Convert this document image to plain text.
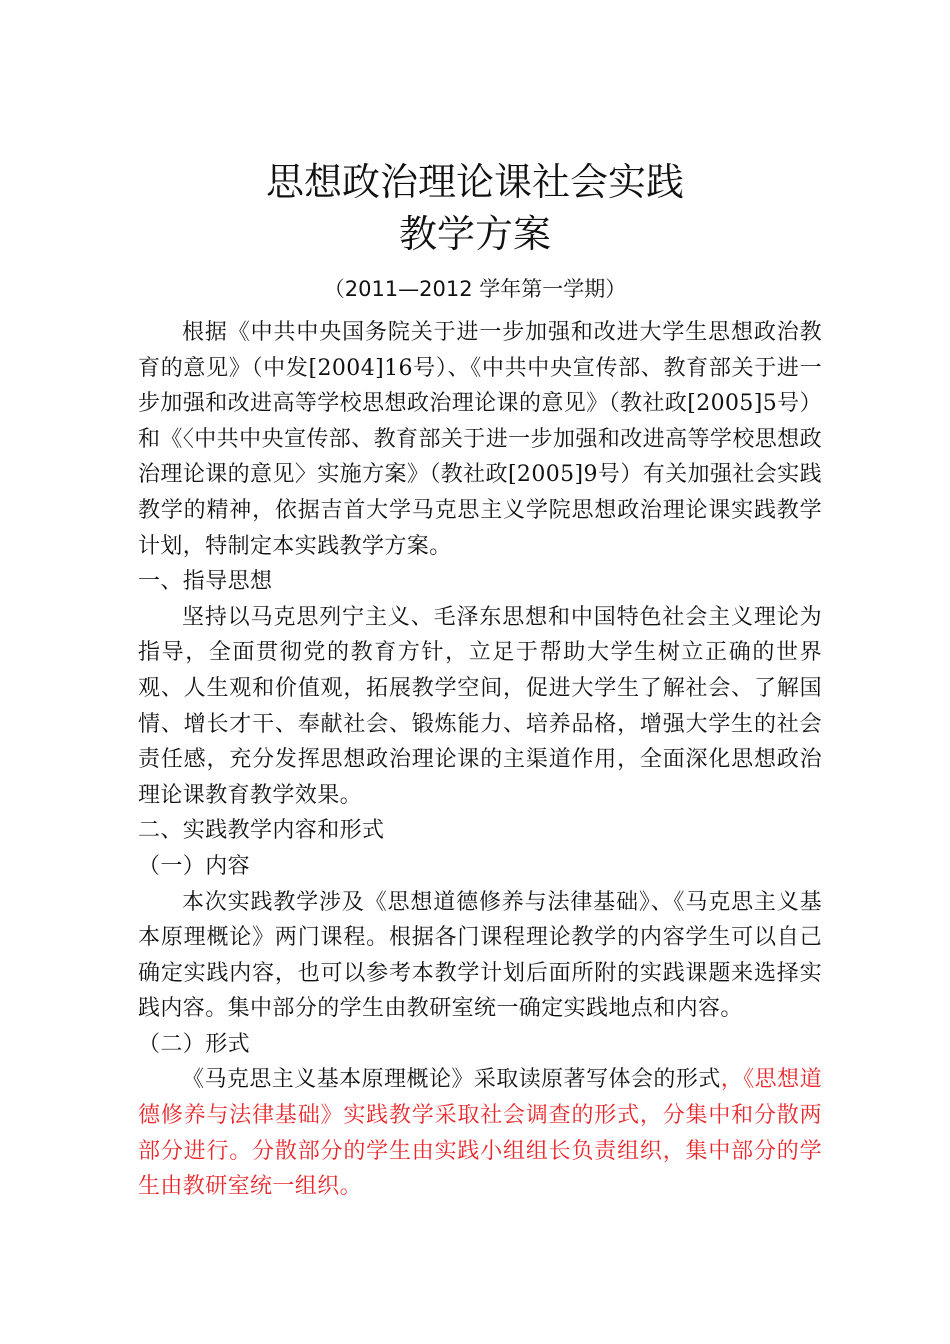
思想政治理论课社会实践
教学方案
（2011—2012 学年第一学期）

根据《中共中央国务院关于进一步加强和改进大学生思想政治教育的意见》（中发[2004]16号）、《中共中央宣传部、教育部关于进一步加强和改进高等学校思想政治理论课的意见》（教社政[2005]5号）和《〈中共中央宣传部、教育部关于进一步加强和改进高等学校思想政治理论课的意见〉实施方案》（教社政[2005]9号）有关加强社会实践教学的精神，依据吉首大学马克思主义学院思想政治理论课实践教学计划，特制定本实践教学方案。

一、指导思想

坚持以马克思列宁主义、毛泽东思想和中国特色社会主义理论为指导，全面贯彻党的教育方针，立足于帮助大学生树立正确的世界观、人生观和价值观，拓展教学空间，促进大学生了解社会、了解国情、增长才干、奉献社会、锻炼能力、培养品格，增强大学生的社会责任感，充分发挥思想政治理论课的主渠道作用，全面深化思想政治理论课教育教学效果。

二、实践教学内容和形式

（一）内容

本次实践教学涉及《思想道德修养与法律基础》、《马克思主义基本原理概论》两门课程。根据各门课程理论教学的内容学生可以自己确定实践内容，也可以参考本教学计划后面所附的实践课题来选择实践内容。集中部分的学生由教研室统一确定实践地点和内容。

（二）形式

《马克思主义基本原理概论》采取读原著写体会的形式，《思想道德修养与法律基础》实践教学采取社会调查的形式，分集中和分散两部分进行。分散部分的学生由实践小组组长负责组织，集中部分的学生由教研室统一组织。
